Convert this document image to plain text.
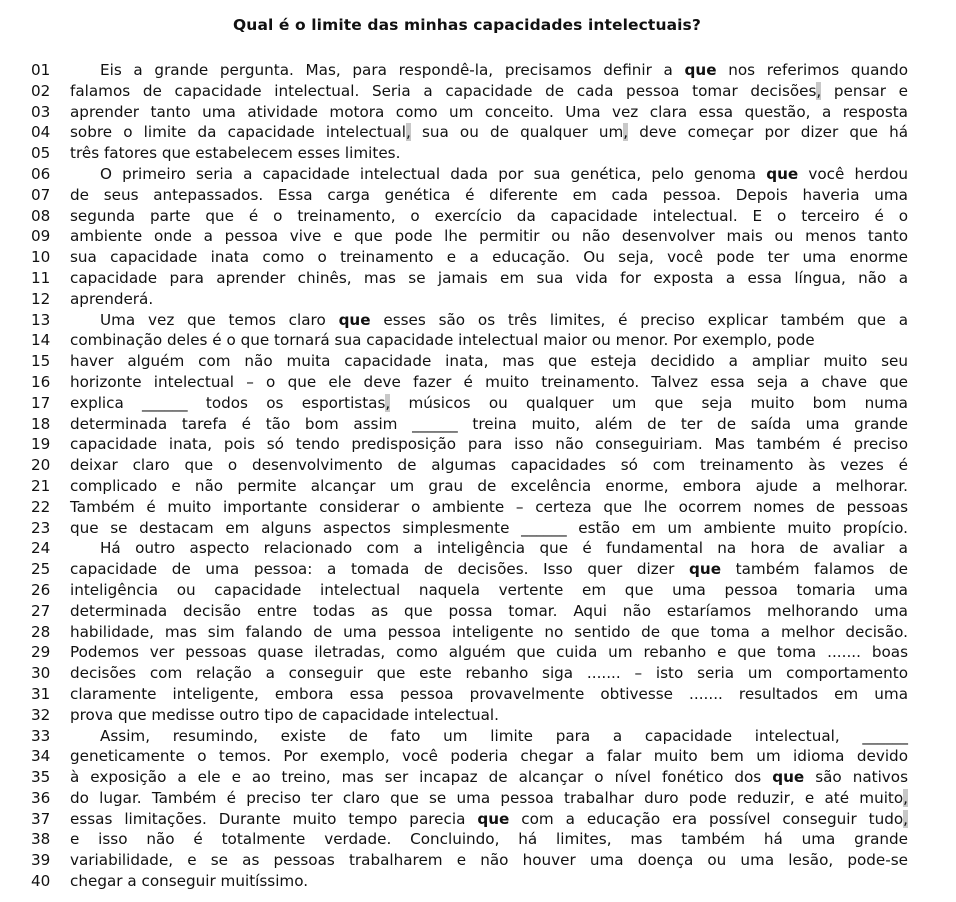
Qual é o limite das minhas capacidades intelectuais?
01	Eis a grande pergunta. Mas, para respondê-la, precisamos definir a que nos referimos quando
02	falamos de capacidade intelectual. Seria a capacidade de cada pessoa tomar decisões, pensar e
03	aprender tanto uma atividade motora como um conceito. Uma vez clara essa questão, a resposta
04	sobre o limite da capacidade intelectual, sua ou de qualquer um, deve começar por dizer que há
05	três fatores que estabelecem esses limites.
06	O primeiro seria a capacidade intelectual dada por sua genética, pelo genoma que você herdou
07	de seus antepassados. Essa carga genética é diferente em cada pessoa. Depois haveria uma
08	segunda parte que é o treinamento, o exercício da capacidade intelectual. E o terceiro é o
09	ambiente onde a pessoa vive e que pode lhe permitir ou não desenvolver mais ou menos tanto
10	sua capacidade inata como o treinamento e a educação. Ou seja, você pode ter uma enorme
11	capacidade para aprender chinês, mas se jamais em sua vida for exposta a essa língua, não a
12	aprenderá.
13	Uma vez que temos claro que esses são os três limites, é preciso explicar também que a
14	combinação deles é o que tornará sua capacidade intelectual maior ou menor. Por exemplo, pode
15	haver alguém com não muita capacidade inata, mas que esteja decidido a ampliar muito seu
16	horizonte intelectual – o que ele deve fazer é muito treinamento. Talvez essa seja a chave que
17	explica ______ todos os esportistas, músicos ou qualquer um que seja muito bom numa
18	determinada tarefa é tão bom assim ______ treina muito, além de ter de saída uma grande
19	capacidade inata, pois só tendo predisposição para isso não conseguiriam. Mas também é preciso
20	deixar claro que o desenvolvimento de algumas capacidades só com treinamento às vezes é
21	complicado e não permite alcançar um grau de excelência enorme, embora ajude a melhorar.
22	Também é muito importante considerar o ambiente – certeza que lhe ocorrem nomes de pessoas
23	que se destacam em alguns aspectos simplesmente ______ estão em um ambiente muito propício.
24	Há outro aspecto relacionado com a inteligência que é fundamental na hora de avaliar a
25	capacidade de uma pessoa: a tomada de decisões. Isso quer dizer que também falamos de
26	inteligência ou capacidade intelectual naquela vertente em que uma pessoa tomaria uma
27	determinada decisão entre todas as que possa tomar. Aqui não estaríamos melhorando uma
28	habilidade, mas sim falando de uma pessoa inteligente no sentido de que toma a melhor decisão.
29	Podemos ver pessoas quase iletradas, como alguém que cuida um rebanho e que toma ....... boas
30	decisões com relação a conseguir que este rebanho siga ....... – isto seria um comportamento
31	claramente inteligente, embora essa pessoa provavelmente obtivesse ....... resultados em uma
32	prova que medisse outro tipo de capacidade intelectual.
33	Assim, resumindo, existe de fato um limite para a capacidade intelectual, ______
34	geneticamente o temos. Por exemplo, você poderia chegar a falar muito bem um idioma devido
35	à exposição a ele e ao treino, mas ser incapaz de alcançar o nível fonético dos que são nativos
36	do lugar. Também é preciso ter claro que se uma pessoa trabalhar duro pode reduzir, e até muito,
37	essas limitações. Durante muito tempo parecia que com a educação era possível conseguir tudo,
38	e isso não é totalmente verdade. Concluindo, há limites, mas também há uma grande
39	variabilidade, e se as pessoas trabalharem e não houver uma doença ou uma lesão, pode-se
40	chegar a conseguir muitíssimo.
